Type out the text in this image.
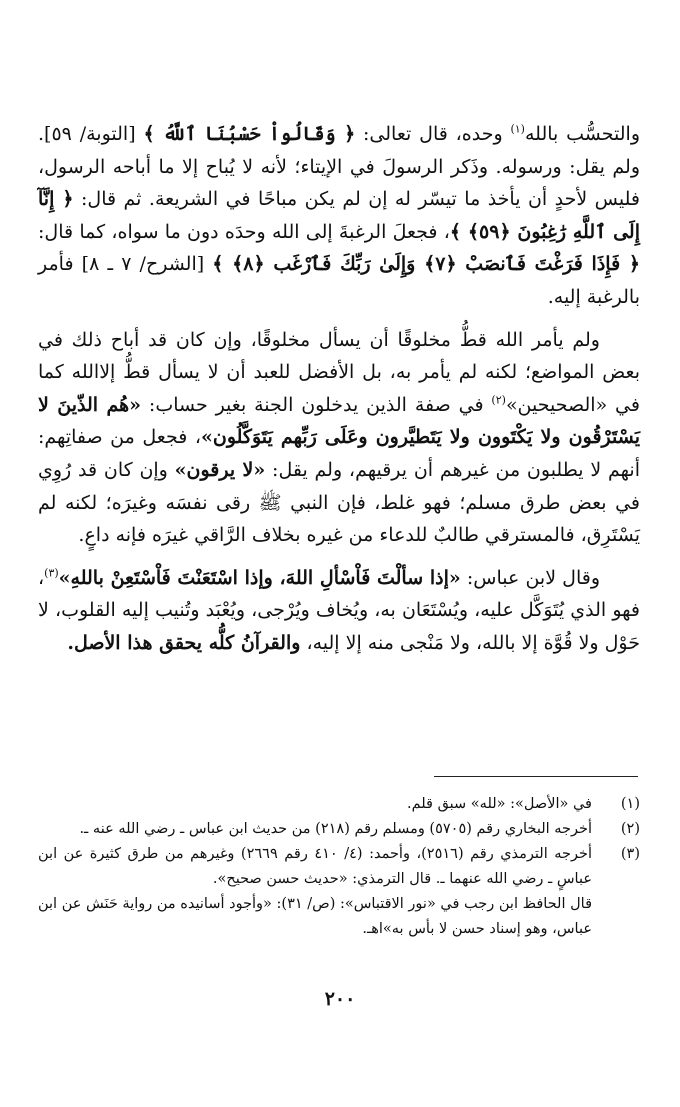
والتحسُّب بالله$^{(١)}$ وحده، قال تعالى: ﴿ وَقَالُواْ حَسْبُنَا ٱللَّهُ ﴾ [التوبة/ ٥٩]. ولم يقل: ورسوله. وذَكر الرسولَ في الإيتاء؛ لأنه لا يُباح إلا ما أباحه الرسول، فليس لأحدٍ أن يأخذ ما تيسّر له إن لم يكن مباحًا في الشريعة. ثم قال: ﴿ إِنَّآ إِلَى ٱللَّهِ رَٰغِبُونَ ﴿٥٩﴾ ﴾، فجعلَ الرغبةَ إلى الله وحدَه دون ما سواه، كما قال: ﴿ فَإِذَا فَرَغْتَ فَٱنصَبْ ﴿٧﴾ وَإِلَىٰ رَبِّكَ فَٱرْغَب ﴿٨﴾ ﴾ [الشرح/ ٧ ـ ٨] فأمر بالرغبة إليه.

ولم يأمر الله قطُّ مخلوقًا أن يسأل مخلوقًا، وإن كان قد أباح ذلك في بعض المواضع؛ لكنه لم يأمر به، بل الأفضل للعبد أن لا يسأل قطُّ إلاالله كما في «الصحيحين»$^{(٢)}$ في صفة الذين يدخلون الجنة بغير حساب: «هُم الذّينَ لا يَسْتَرْقُون ولا يَكْتَوون ولا يَتَطيَّرون وعَلَى رَبِّهم يَتَوَكَّلُون»، فجعل من صفاتِهم: أنهم لا يطلبون من غيرهم أن يرقيهم، ولم يقل: «لا يرقون» وإن كان قد رُوِي في بعض طرق مسلم؛ فهو غلط، فإن النبي ﷺ رقى نفسَه وغيرَه؛ لكنه لم يَسْتَرِق، فالمسترقي طالبٌ للدعاء من غيره بخلاف الرَّاقي غيرَه فإنه داعٍ.

وقال لابن عباس: «إذا سألْتَ فَاْسْألِ اللهَ، وإذا اسْتَعَنْتَ فَاْسْتَعِنْ باللهِ»$^{(٣)}$، فهو الذي يُتَوَكَّل عليه، ويُسْتَعَان به، ويُخاف ويُرْجى، ويُعْبَد وتُنيب إليه القلوب، لا حَوْل ولا قُوَّة إلا بالله، ولا مَنْجى منه إلا إليه، والقرآنُ كلُّه يحقق هذا الأصل.

(١)
في «الأصل»: «لله» سبق قلم.
(٢)
أخرجه البخاري رقم (٥٧٠٥) ومسلم رقم (٢١٨) من حديث ابن عباس ـ رضي الله عنه ـ.
(٣)
أخرجه الترمذي رقم (٢٥١٦)، وأحمد: (٤/ ٤١٠ رقم ٢٦٦٩) وغيرهم من طرق كثيرة عن ابن عباسٍ ـ رضي الله عنهما ـ. قال الترمذي: «حديث حسن صحيح».
قال الحافظ ابن رجب في «نور الاقتباس»: (ص/ ٣١): «وأجود أسانيده من رواية حَنَش عن ابن عباس، وهو إسناد حسن لا بأس به»اهـ.
٢٠٠
